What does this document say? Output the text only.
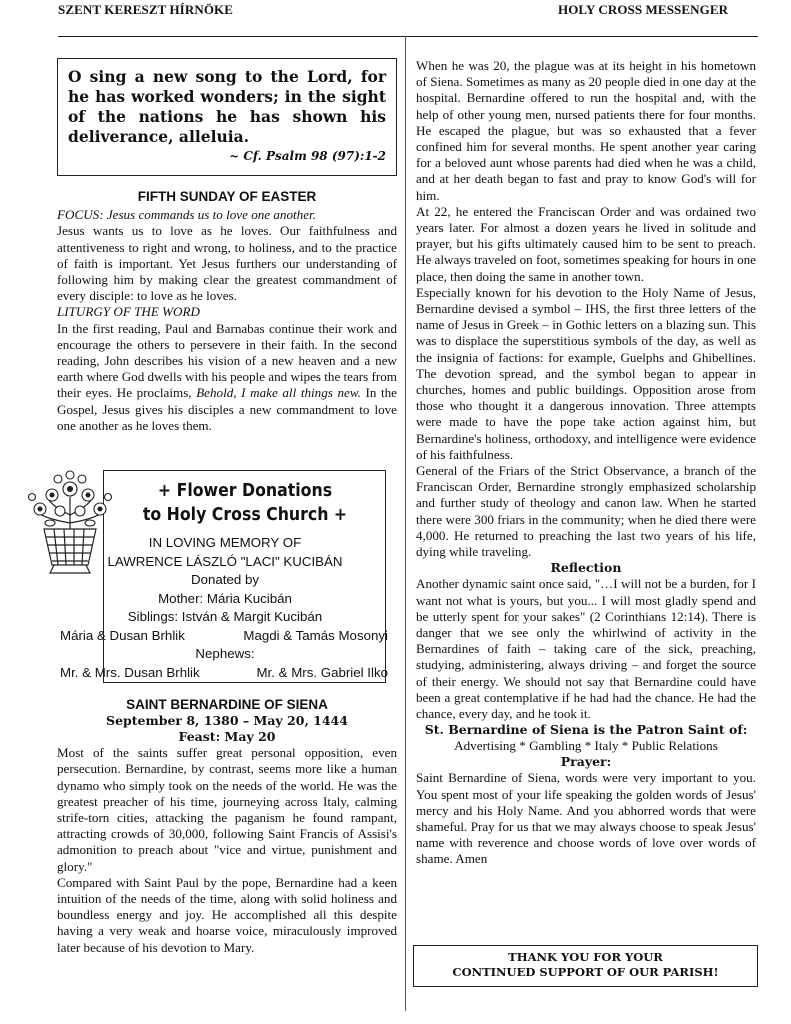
SZENT KERESZT HÍRNÖKE	HOLY CROSS MESSENGER
O sing a new song to the Lord, for he has worked wonders; in the sight of the nations he has shown his deliverance, alleluia.
~ Cf. Psalm 98 (97):1-2
FIFTH SUNDAY OF EASTER

FOCUS: Jesus commands us to love one another.

Jesus wants us to love as he loves. Our faithfulness and attentiveness to right and wrong, to holiness, and to the practice of faith is important. Yet Jesus furthers our understanding of following him by making clear the greatest commandment of every disciple: to love as he loves.

LITURGY OF THE WORD

In the first reading, Paul and Barnabas continue their work and encourage the others to persevere in their faith. In the second reading, John describes his vision of a new heaven and a new earth where God dwells with his people and wipes the tears from their eyes. He proclaims, Behold, I make all things new. In the Gospel, Jesus gives his disciples a new commandment to love one another as he loves them.

+ Flower Donations
to Holy Cross Church +
IN LOVING MEMORY OF
LAWRENCE LÁSZLÓ "LACI" KUCIBÁN
Donated by
Mother: Mária Kucibán
Siblings: István & Margit Kucibán
Mária & Dusan Brhlik	Magdi & Tamás Mosonyi
Nephews:
Mr. & Mrs. Dusan Brhlik	Mr. & Mrs. Gabriel Ilko
SAINT BERNARDINE OF SIENA
September 8, 1380 – May 20, 1444
Feast: May 20

Most of the saints suffer great personal opposition, even persecution. Bernardine, by contrast, seems more like a human dynamo who simply took on the needs of the world. He was the greatest preacher of his time, journeying across Italy, calming strife-torn cities, attacking the paganism he found rampant, attracting crowds of 30,000, following Saint Francis of Assisi's admonition to preach about "vice and virtue, punishment and glory."

Compared with Saint Paul by the pope, Bernardine had a keen intuition of the needs of the time, along with solid holiness and boundless energy and joy. He accomplished all this despite having a very weak and hoarse voice, miraculously improved later because of his devotion to Mary.

When he was 20, the plague was at its height in his hometown of Siena. Sometimes as many as 20 people died in one day at the hospital. Bernardine offered to run the hospital and, with the help of other young men, nursed patients there for four months. He escaped the plague, but was so exhausted that a fever confined him for several months. He spent another year caring for a beloved aunt whose parents had died when he was a child, and at her death began to fast and pray to know God's will for him.

At 22, he entered the Franciscan Order and was ordained two years later. For almost a dozen years he lived in solitude and prayer, but his gifts ultimately caused him to be sent to preach. He always traveled on foot, sometimes speaking for hours in one place, then doing the same in another town.

Especially known for his devotion to the Holy Name of Jesus, Bernardine devised a symbol – IHS, the first three letters of the name of Jesus in Greek – in Gothic letters on a blazing sun. This was to displace the superstitious symbols of the day, as well as the insignia of factions: for example, Guelphs and Ghibellines. The devotion spread, and the symbol began to appear in churches, homes and public buildings. Opposition arose from those who thought it a dangerous innovation. Three attempts were made to have the pope take action against him, but Bernardine's holiness, orthodoxy, and intelligence were evidence of his faithfulness.

General of the Friars of the Strict Observance, a branch of the Franciscan Order, Bernardine strongly emphasized scholarship and further study of theology and canon law. When he started there were 300 friars in the community; when he died there were 4,000. He returned to preaching the last two years of his life, dying while traveling.

Reflection

Another dynamic saint once said, "…I will not be a burden, for I want not what is yours, but you... I will most gladly spend and be utterly spent for your sakes" (2 Corinthians 12:14). There is danger that we see only the whirlwind of activity in the Bernardines of faith – taking care of the sick, preaching, studying, administering, always driving – and forget the source of their energy. We should not say that Bernardine could have been a great contemplative if he had had the chance. He had the chance, every day, and he took it.

St. Bernardine of Siena is the Patron Saint of:

Advertising * Gambling * Italy * Public Relations

Prayer:

Saint Bernardine of Siena, words were very important to you. You spent most of your life speaking the golden words of Jesus' mercy and his Holy Name. And you abhorred words that were shameful. Pray for us that we may always choose to speak Jesus' name with reverence and choose words of love over words of shame. Amen

THANK YOU FOR YOUR
CONTINUED SUPPORT OF OUR PARISH!
